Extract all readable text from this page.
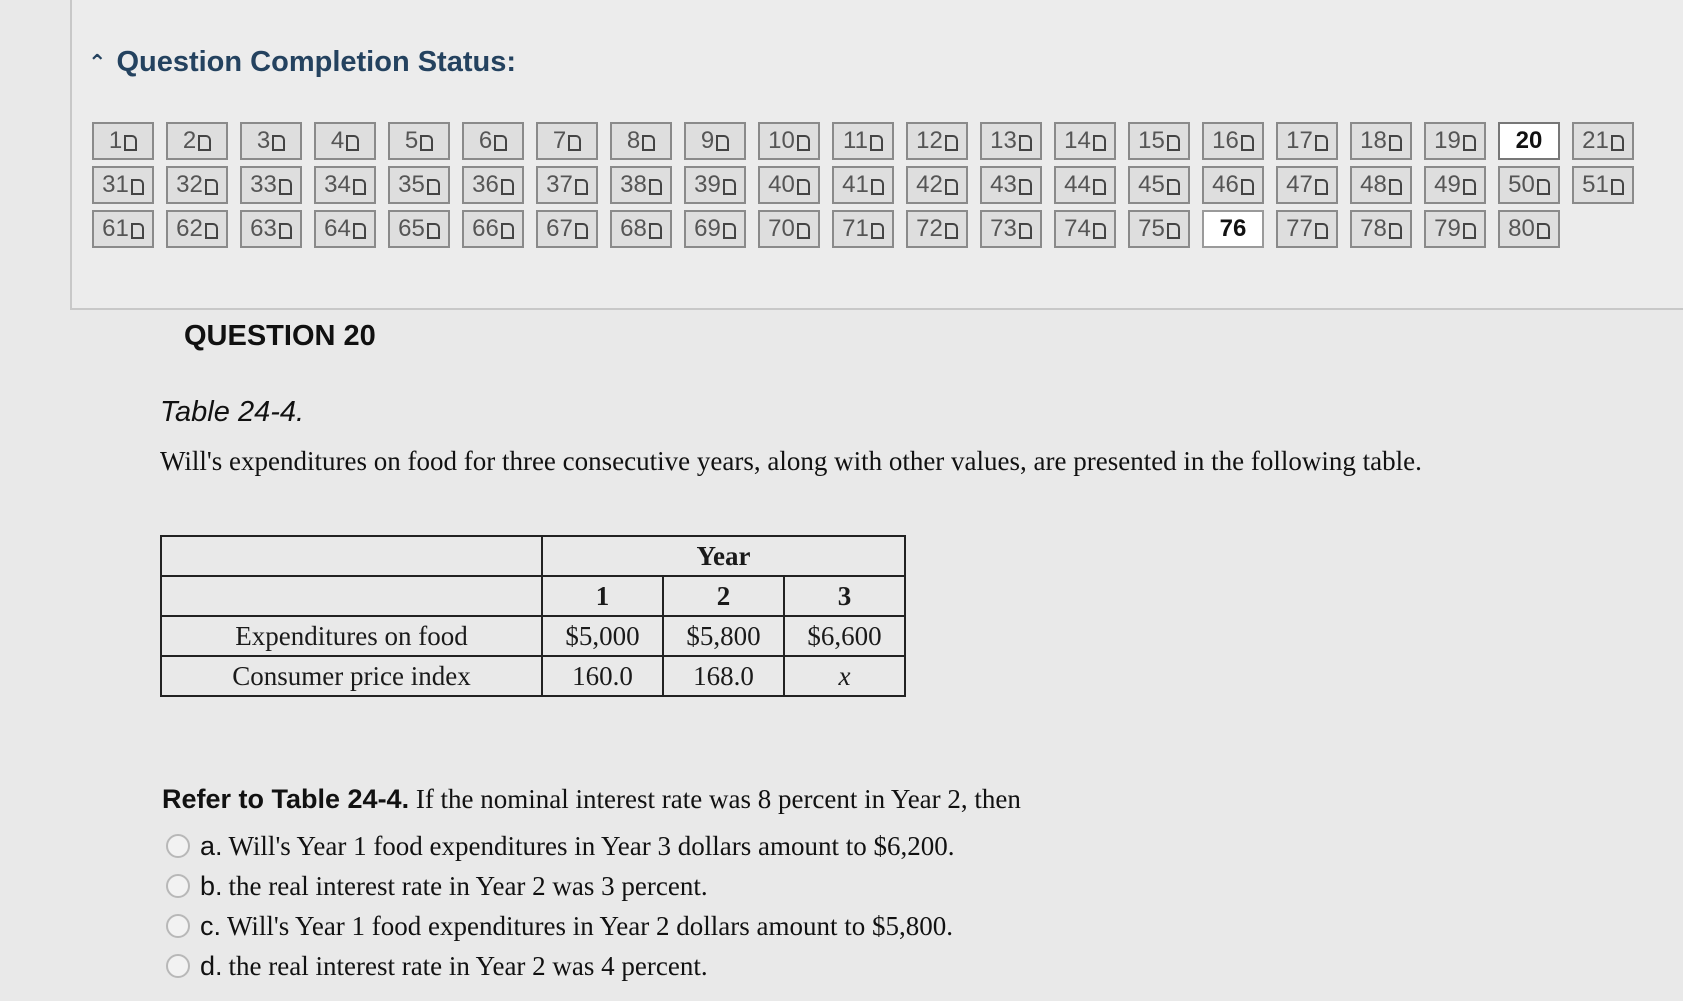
⌃ Question Completion Status:
1	2	3	4	5	6	7	8	9 10 11 12 13 14 15 16 17 18 19 20 21
31 32 33 34 35 36 37 38 39 40 41 42 43 44 45 46 47 48 49 50 51
61 62 63 64 65 66 67 68 69 70 71 72 73 74 75 76 77 78 79 80
QUESTION 20
Table 24-4.
Will's expenditures on food for three consecutive years, along with other values, are presented in the following table.
	Year		
	1	2	3
Expenditures on food	$5,000	$5,800	$6,600
Consumer price index	160.0	168.0	x
Refer to Table 24-4. If the nominal interest rate was 8 percent in Year 2, then
a. Will's Year 1 food expenditures in Year 3 dollars amount to $6,200.
b. the real interest rate in Year 2 was 3 percent.
c. Will's Year 1 food expenditures in Year 2 dollars amount to $5,800.
d. the real interest rate in Year 2 was 4 percent.
